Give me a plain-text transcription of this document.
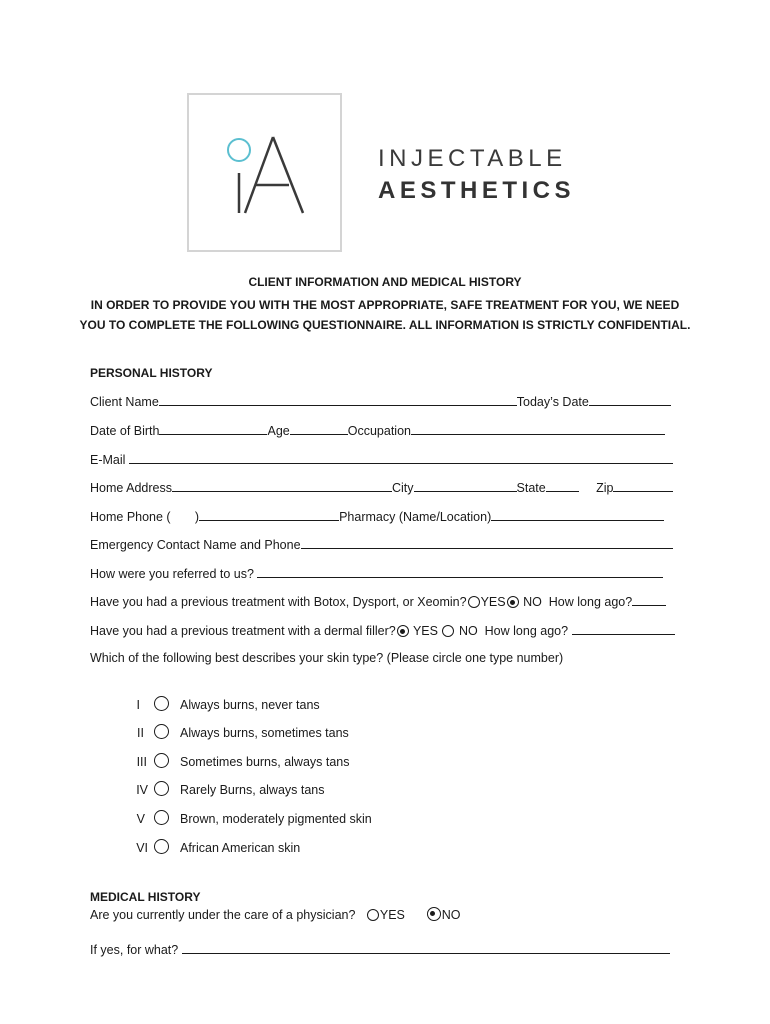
INJECTABLE
AESTHETICS
CLIENT INFORMATION AND MEDICAL HISTORY
IN ORDER TO PROVIDE YOU WITH THE MOST APPROPRIATE, SAFE TREATMENT FOR YOU, WE NEED
YOU TO COMPLETE THE FOLLOWING QUESTIONNAIRE. ALL INFORMATION IS STRICTLY CONFIDENTIAL.
PERSONAL HISTORY
Client Name	Today’s Date
Date of Birth	Age	Occupation
E-Mail
Home Address	City	State	Zip
Home Phone ( )	Pharmacy (Name/Location)
Emergency Contact Name and Phone
How were you referred to us?
Have you had a previous treatment with Botox, Dysport, or Xeomin? YES NO How long ago?
Have you had a previous treatment with a dermal filler? YES NO How long ago?
Which of the following best describes your skin type? (Please circle one type number)
I	Always burns, never tans
II	Always burns, sometimes tans
III	Sometimes burns, always tans
IV	Rarely Burns, always tans
V	Brown, moderately pigmented skin
VI	African American skin
MEDICAL HISTORY
Are you currently under the care of a physician? YES	NO
If yes, for what?
